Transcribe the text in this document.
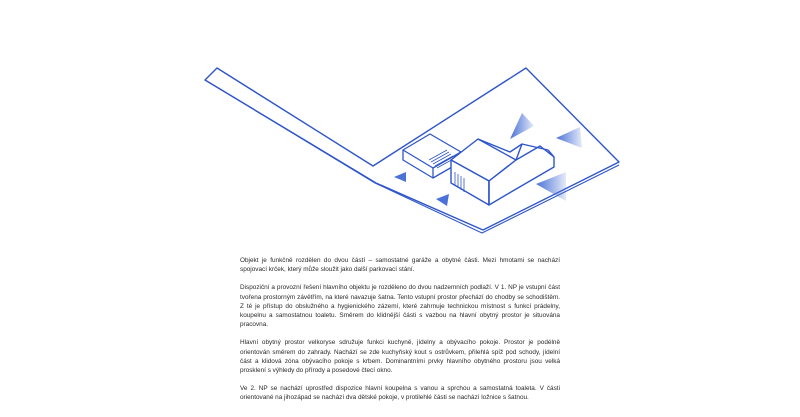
Objekt je funkčně rozdělen do dvou částí – samostatné garáže a obytné části. Mezi hmotami se nachází spojovací krček, který může sloužit jako další parkovací stání.

Dispoziční a provozní řešení hlavního objektu je rozděleno do dvou nadzemních podlaží. V 1. NP je vstupní část tvořena prostorným závětřím, na které navazuje šatna. Tento vstupní prostor přechází do chodby se schodištěm. Z té je přístup do obslužného a hygienického zázemí, které zahrnuje technickou místnost s funkcí prádelny, koupelnu a samostatnou toaletu. Směrem do klidnější části s vazbou na hlavní obytný prostor je situována pracovna.

Hlavní obytný prostor velkoryse sdružuje funkci kuchyně, jídelny a obývacího pokoje. Prostor je podélně orientován směrem do zahrady. Nachází se zde kuchyňský kout s ostrůvkem, přilehlá spíž pod schody, jídelní část a klidová zóna obývacího pokoje s krbem. Dominantními prvky hlavního obytného prostoru jsou velká prosklení s výhledy do přírody a posedové čtecí okno.

Ve 2. NP se nachází uprostřed dispozice hlavní koupelna s vanou a sprchou a samostatná toaleta. V části orientované na jihozápad se nachází dva dětské pokoje, v protilehlé části se nachází ložnice s šatnou.
